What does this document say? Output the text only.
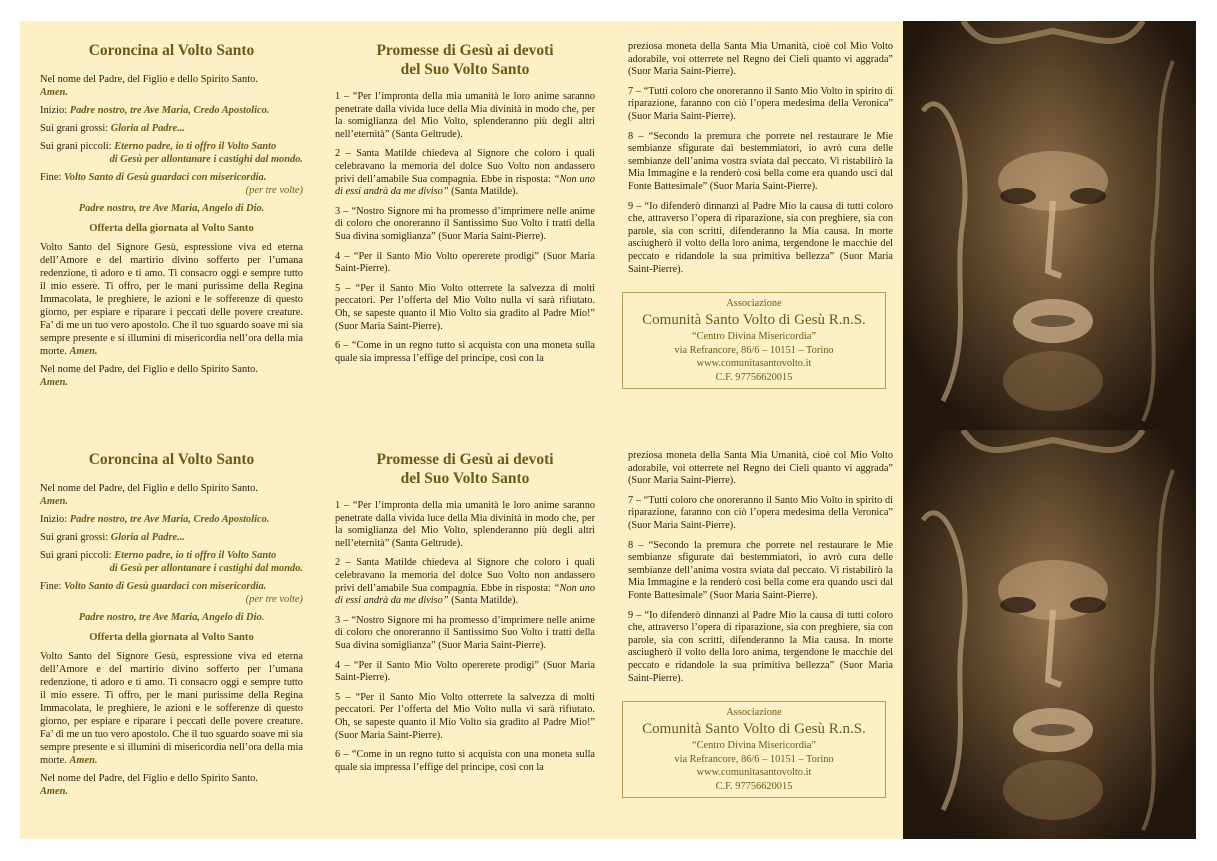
Coroncina al Volto Santo

Nel nome del Padre, del Figlio e dello Spirito Santo.

Amen.

Inizio: Padre nostro, tre Ave Maria, Credo Apostolico.

Sui grani grossi: Gloria al Padre...

Sui grani piccoli: Eterno padre, io ti offro il Volto Santo

di Gesù per allontanare i castighi dal mondo.

Fine: Volto Santo di Gesù guardaci con misericordia.

(per tre volte)

Padre nostro, tre Ave Maria, Angelo di Dio.

Offerta della giornata al Volto Santo

Volto Santo del Signore Gesù, espressione viva ed eterna dell’Amore e del martirio divino sofferto per l’umana redenzione, ti adoro e ti amo. Ti consacro oggi e sempre tutto il mio essere. Ti offro, per le mani purissime della Regina Immacolata, le preghiere, le azioni e le sofferenze di questo giorno, per espiare e riparare i peccati delle povere creature. Fa’ di me un tuo vero apostolo. Che il tuo sguardo soave mi sia sempre presente e si illumini di misericordia nell’ora della mia morte. Amen.

Nel nome del Padre, del Figlio e dello Spirito Santo.

Amen.

Promesse di Gesù ai devoti
del Suo Volto Santo

1 – “Per l’impronta della mia umanità le loro anime saranno penetrate dalla vivida luce della Mia divinità in modo che, per la somiglianza del Mio Volto, splenderanno più degli altri nell’eternità” (Santa Geltrude).

2 – Santa Matilde chiedeva al Signore che coloro i quali celebravano la memoria del dolce Suo Volto non andassero privi dell’amabile Sua compagnia. Ebbe in risposta: “Non uno di essi andrà da me diviso” (Santa Matilde).

3 – “Nostro Signore mi ha promesso d’imprimere nelle anime di coloro che onoreranno il Santissimo Suo Volto i tratti della Sua divina somiglianza” (Suor Maria Saint-Pierre).

4 – “Per il Santo Mio Volto opererete prodigi” (Suor Maria Saint-Pierre).

5 – “Per il Santo Mio Volto otterrete la salvezza di molti peccatori. Per l’offerta del Mio Volto nulla vi sarà rifiutato. Oh, se sapeste quanto il Mio Volto sia gradito al Padre Mio!” (Suor Maria Saint-Pierre).

6 – “Come in un regno tutto si acquista con una moneta sulla quale sia impressa l’effige del principe, così con la

preziosa moneta della Santa Mia Umanità, cioè col Mio Volto adorabile, voi otterrete nel Regno dei Cieli quanto vi aggrada” (Suor Maria Saint-Pierre).

7 – “Tutti coloro che onoreranno il Santo Mio Volto in spirito di riparazione, faranno con ciò l’opera medesima della Veronica” (Suor Maria Saint-Pierre).

8 – “Secondo la premura che porrete nel restaurare le Mie sembianze sfigurate dai bestemmiatori, io avrò cura delle sembianze dell’anima vostra sviata dal peccato. Vi ristabilirò la Mia Immagine e la renderò così bella come era quando uscì dal Fonte Battesimale” (Suor Maria Saint-Pierre).

9 – “Io difenderò dinnanzi al Padre Mio la causa di tutti coloro che, attraverso l’opera di riparazione, sia con preghiere, sia con parole, sia con scritti, difenderanno la Mia causa. In morte asciugherò il volto della loro anima, tergendone le macchie del peccato e ridandole la sua primitiva bellezza” (Suor Maria Saint-Pierre).

Associazione
Comunità Santo Volto di Gesù R.n.S.
“Centro Divina Misericordia”
via Refrancore, 86/6 – 10151 – Torino
www.comunitasantovolto.it
C.F. 97756620015
Coroncina al Volto Santo

Nel nome del Padre, del Figlio e dello Spirito Santo.

Amen.

Inizio: Padre nostro, tre Ave Maria, Credo Apostolico.

Sui grani grossi: Gloria al Padre...

Sui grani piccoli: Eterno padre, io ti offro il Volto Santo

di Gesù per allontanare i castighi dal mondo.

Fine: Volto Santo di Gesù guardaci con misericordia.

(per tre volte)

Padre nostro, tre Ave Maria, Angelo di Dio.

Offerta della giornata al Volto Santo

Volto Santo del Signore Gesù, espressione viva ed eterna dell’Amore e del martirio divino sofferto per l’umana redenzione, ti adoro e ti amo. Ti consacro oggi e sempre tutto il mio essere. Ti offro, per le mani purissime della Regina Immacolata, le preghiere, le azioni e le sofferenze di questo giorno, per espiare e riparare i peccati delle povere creature. Fa’ di me un tuo vero apostolo. Che il tuo sguardo soave mi sia sempre presente e si illumini di misericordia nell’ora della mia morte. Amen.

Nel nome del Padre, del Figlio e dello Spirito Santo.

Amen.

Promesse di Gesù ai devoti
del Suo Volto Santo

1 – “Per l’impronta della mia umanità le loro anime saranno penetrate dalla vivida luce della Mia divinità in modo che, per la somiglianza del Mio Volto, splenderanno più degli altri nell’eternità” (Santa Geltrude).

2 – Santa Matilde chiedeva al Signore che coloro i quali celebravano la memoria del dolce Suo Volto non andassero privi dell’amabile Sua compagnia. Ebbe in risposta: “Non uno di essi andrà da me diviso” (Santa Matilde).

3 – “Nostro Signore mi ha promesso d’imprimere nelle anime di coloro che onoreranno il Santissimo Suo Volto i tratti della Sua divina somiglianza” (Suor Maria Saint-Pierre).

4 – “Per il Santo Mio Volto opererete prodigi” (Suor Maria Saint-Pierre).

5 – “Per il Santo Mio Volto otterrete la salvezza di molti peccatori. Per l’offerta del Mio Volto nulla vi sarà rifiutato. Oh, se sapeste quanto il Mio Volto sia gradito al Padre Mio!” (Suor Maria Saint-Pierre).

6 – “Come in un regno tutto si acquista con una moneta sulla quale sia impressa l’effige del principe, così con la

preziosa moneta della Santa Mia Umanità, cioè col Mio Volto adorabile, voi otterrete nel Regno dei Cieli quanto vi aggrada” (Suor Maria Saint-Pierre).

7 – “Tutti coloro che onoreranno il Santo Mio Volto in spirito di riparazione, faranno con ciò l’opera medesima della Veronica” (Suor Maria Saint-Pierre).

8 – “Secondo la premura che porrete nel restaurare le Mie sembianze sfigurate dai bestemmiatori, io avrò cura delle sembianze dell’anima vostra sviata dal peccato. Vi ristabilirò la Mia Immagine e la renderò così bella come era quando uscì dal Fonte Battesimale” (Suor Maria Saint-Pierre).

9 – “Io difenderò dinnanzi al Padre Mio la causa di tutti coloro che, attraverso l’opera di riparazione, sia con preghiere, sia con parole, sia con scritti, difenderanno la Mia causa. In morte asciugherò il volto della loro anima, tergendone le macchie del peccato e ridandole la sua primitiva bellezza” (Suor Maria Saint-Pierre).

Associazione
Comunità Santo Volto di Gesù R.n.S.
“Centro Divina Misericordia”
via Refrancore, 86/6 – 10151 – Torino
www.comunitasantovolto.it
C.F. 97756620015
